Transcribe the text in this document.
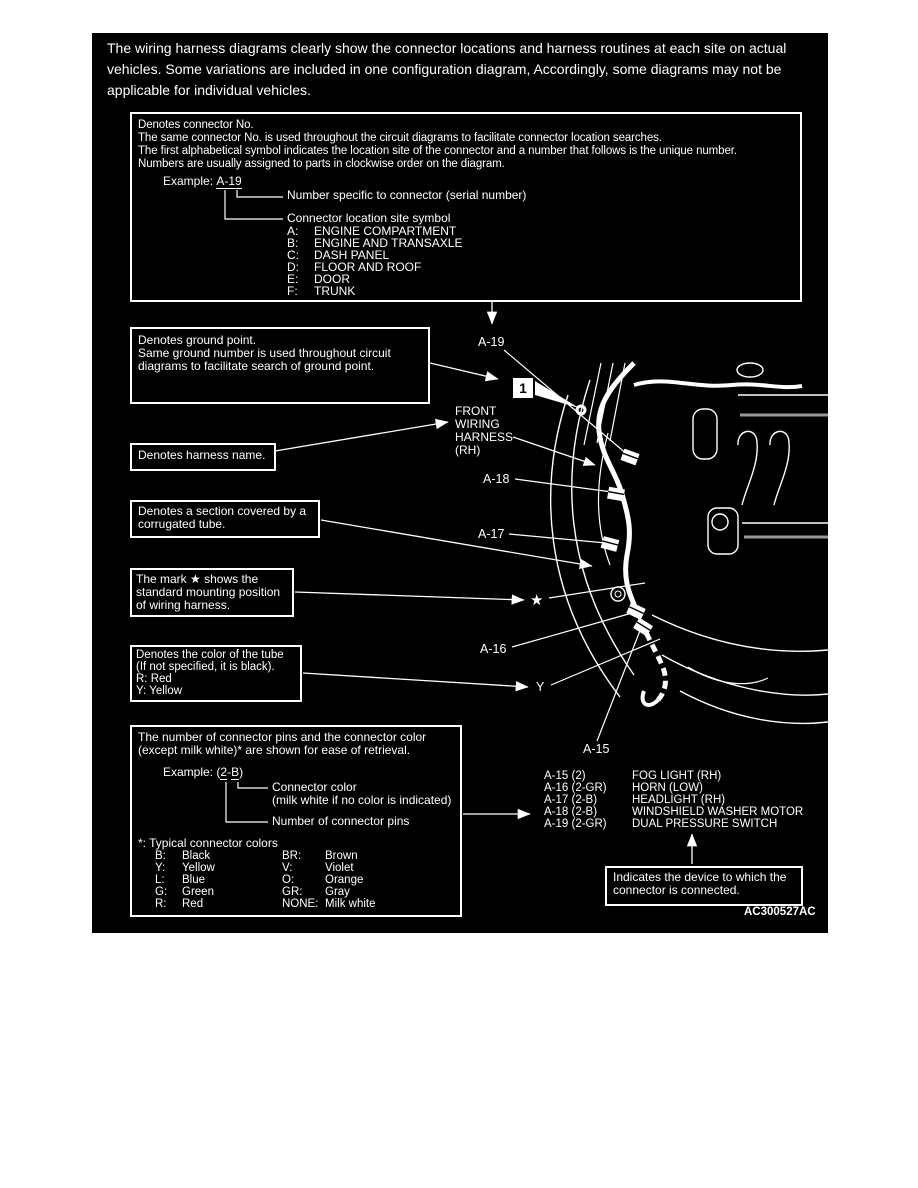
The wiring harness diagrams clearly show the connector locations and harness routines at each site on actual vehicles. Some variations are included in one configuration diagram, Accordingly, some diagrams may not be applicable for individual vehicles.
Denotes connector No.
The same connector No. is used throughout the circuit diagrams to facilitate connector location searches.
The first alphabetical symbol indicates the location site of the connector and a number that follows is the unique number.
Numbers are usually assigned to parts in clockwise order on the diagram.
Example: A-19
Number specific to connector (serial number)
Connector location site symbol
A: ENGINE COMPARTMENT
B: ENGINE AND TRANSAXLE
C: DASH PANEL
D: FLOOR AND ROOF
E: DOOR
F: TRUNK
Denotes ground point.
Same ground number is used throughout circuit
diagrams to facilitate search of ground point.
A-19
1
FRONT
WIRING
HARNESS
(RH)
A-18
A-17
★
A-16
Y
A-15
Denotes harness name.
Denotes a section covered by a
corrugated tube.
The mark ★ shows the
standard mounting position
of wiring harness.
Denotes the color of the tube
(If not specified, it is black).
R: Red
Y: Yellow
The number of connector pins and the connector color
(except milk white)* are shown for ease of retrieval.
Example: (2-B)
Connector color
(milk white if no color is indicated)
Number of connector pins
*: Typical connector colors
B:	Black	BR:	Brown
Y:	Yellow	V:	Violet
L:	Blue	O:	Orange
G:	Green	GR:	Gray
R:	Red	NONE: Milk white
A-15 (2)	FOG LIGHT (RH)
A-16 (2-GR)	HORN (LOW)
A-17 (2-B)	HEADLIGHT (RH)
A-18 (2-B)	WINDSHIELD WASHER MOTOR
A-19 (2-GR)	DUAL PRESSURE SWITCH
Indicates the device to which the
connector is connected.
AC300527AC
